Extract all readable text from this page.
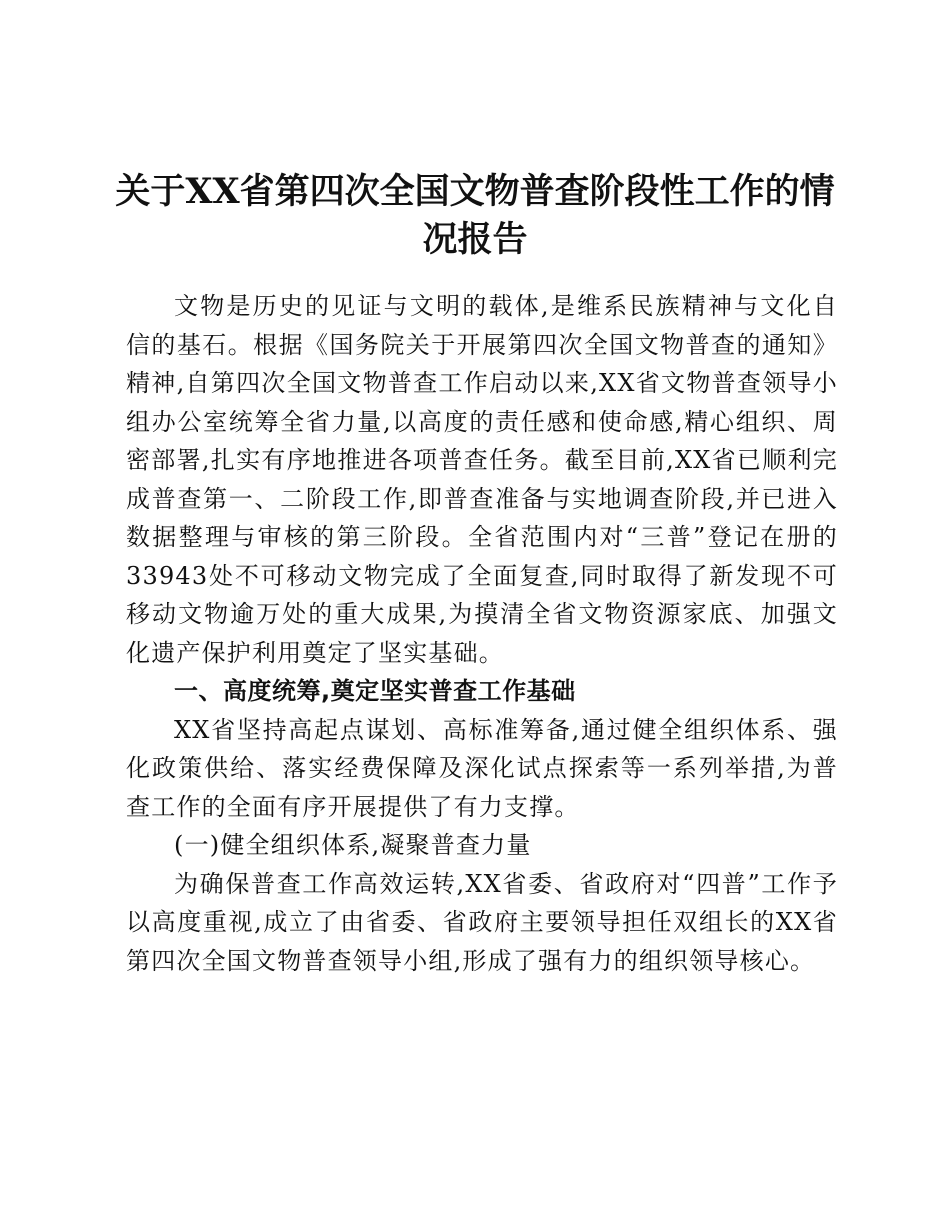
关于XX省第四次全国文物普查阶段性工作的情况报告

文物是历史的见证与文明的载体,是维系民族精神与文化自信的基石。根据《国务院关于开展第四次全国文物普查的通知》精神,自第四次全国文物普查工作启动以来,XX省文物普查领导小组办公室统筹全省力量,以高度的责任感和使命感,精心组织、周密部署,扎实有序地推进各项普查任务。截至目前,XX省已顺利完成普查第一、二阶段工作,即普查准备与实地调查阶段,并已进入数据整理与审核的第三阶段。全省范围内对“三普”登记在册的33943处不可移动文物完成了全面复查,同时取得了新发现不可移动文物逾万处的重大成果,为摸清全省文物资源家底、加强文化遗产保护利用奠定了坚实基础。

一、高度统筹,奠定坚实普查工作基础

XX省坚持高起点谋划、高标准筹备,通过健全组织体系、强化政策供给、落实经费保障及深化试点探索等一系列举措,为普查工作的全面有序开展提供了有力支撑。

(一)健全组织体系,凝聚普查力量

为确保普查工作高效运转,XX省委、省政府对“四普”工作予以高度重视,成立了由省委、省政府主要领导担任双组长的XX省第四次全国文物普查领导小组,形成了强有力的组织领导核心。
